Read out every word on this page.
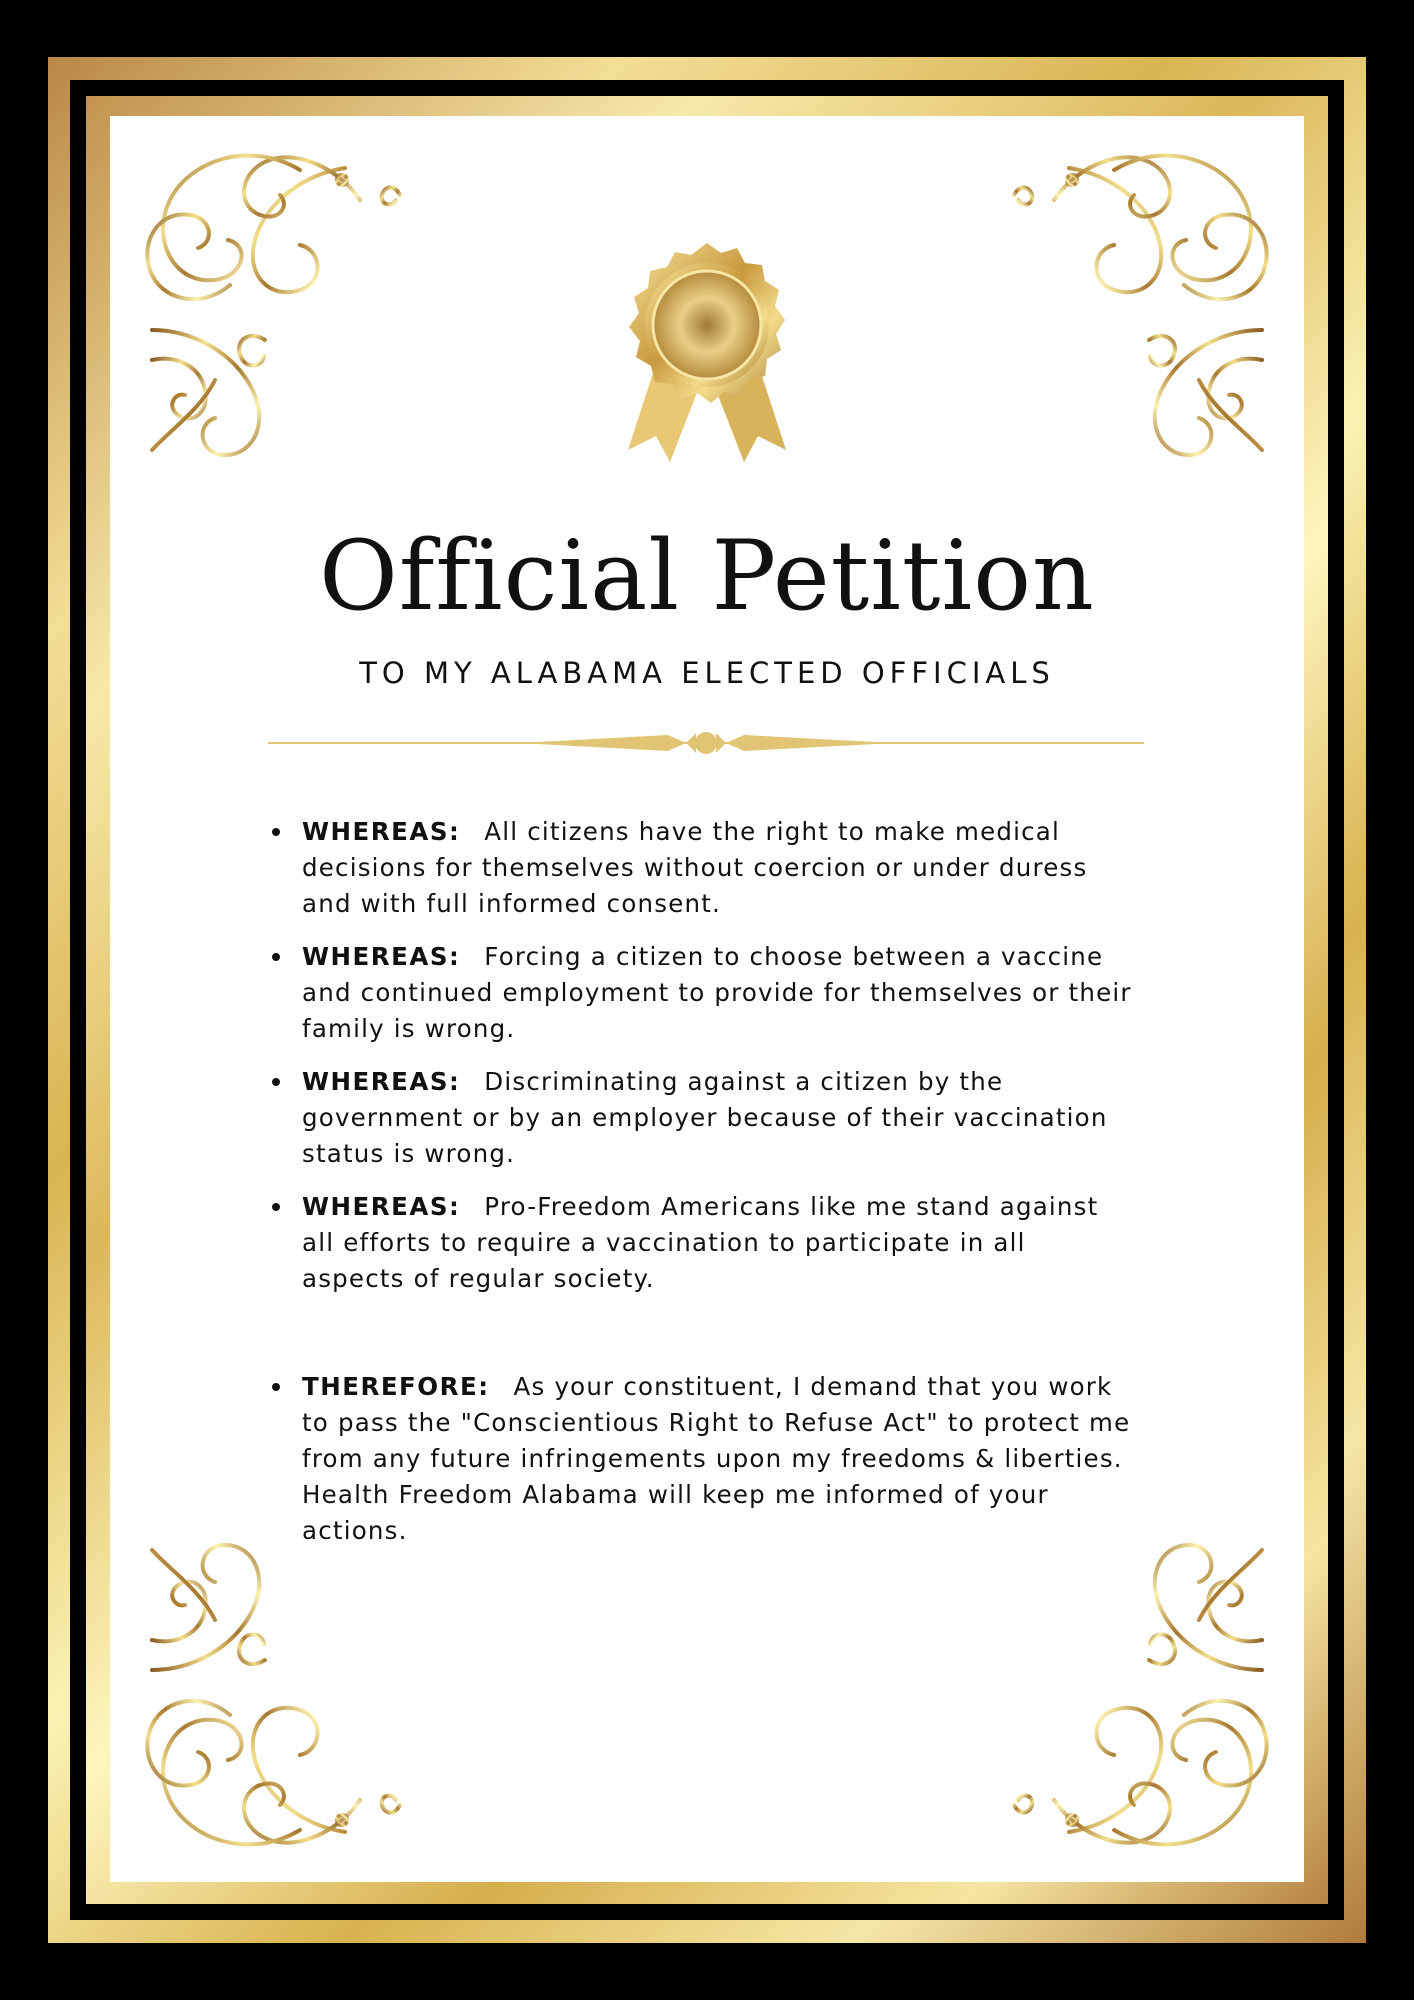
Official Petition

TO MY ALABAMA ELECTED OFFICIALS

WHEREAS: All citizens have the right to make medical decisions for themselves without coercion or under duress and with full informed consent.
WHEREAS: Forcing a citizen to choose between a vaccine and continued employment to provide for themselves or their family is wrong.
WHEREAS: Discriminating against a citizen by the government or by an employer because of their vaccination status is wrong.
WHEREAS: Pro-Freedom Americans like me stand against all efforts to require a vaccination to participate in all aspects of regular society.
THEREFORE: As your constituent, I demand that you work to pass the "Conscientious Right to Refuse Act" to protect me from any future infringements upon my freedoms & liberties. Health Freedom Alabama will keep me informed of your actions.
